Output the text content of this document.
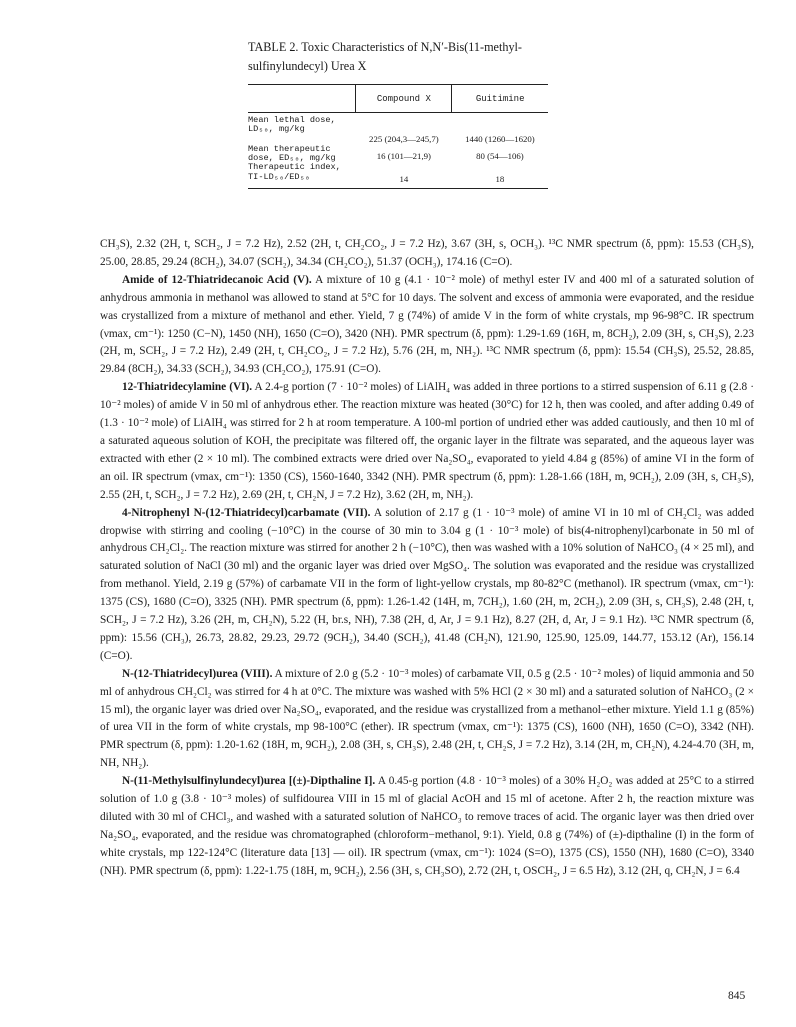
TABLE 2. Toxic Characteristics of N,N′-Bis(11-methyl-sulfinylundecyl) Urea X
	Compound X	Guitimine
Mean lethal dose,
LD₅₀, mg/kg	225 (204,3—245,7)	1440 (1260—1620)
Mean therapeutic
dose, ED₅₀, mg/kg	16 (101—21,9)	80 (54—106)
Therapeutic index,
TI-LD₅₀/ED₅₀	14	18

CH₃S), 2.32 (2H, t, SCH₂, J = 7.2 Hz), 2.52 (2H, t, CH₂CO₂, J = 7.2 Hz), 3.67 (3H, s, OCH₃). ¹³C NMR spectrum (δ, ppm): 15.53 (CH₃S), 25.00, 28.85, 29.24 (8CH₂), 34.07 (SCH₂), 34.34 (CH₂CO₂), 51.37 (OCH₃), 174.16 (C=O).

Amide of 12-Thiatridecanoic Acid (V). A mixture of 10 g (4.1 · 10⁻² mole) of methyl ester IV and 400 ml of a saturated solution of anhydrous ammonia in methanol was allowed to stand at 5°C for 10 days. The solvent and excess of ammonia were evaporated, and the residue was crystallized from a mixture of methanol and ether. Yield, 7 g (74%) of amide V in the form of white crystals, mp 96-98°C. IR spectrum (νmax, cm⁻¹): 1250 (C−N), 1450 (NH), 1650 (C=O), 3420 (NH). PMR spectrum (δ, ppm): 1.29-1.69 (16H, m, 8CH₂), 2.09 (3H, s, CH₃S), 2.23 (2H, m, SCH₂, J = 7.2 Hz), 2.49 (2H, t, CH₂CO₂, J = 7.2 Hz), 5.76 (2H, m, NH₂). ¹³C NMR spectrum (δ, ppm): 15.54 (CH₃S), 25.52, 28.85, 29.84 (8CH₂), 34.33 (SCH₂), 34.93 (CH₂CO₂), 175.91 (C=O).

12-Thiatridecylamine (VI). A 2.4-g portion (7 · 10⁻² moles) of LiAlH₄ was added in three portions to a stirred suspension of 6.11 g (2.8 · 10⁻² moles) of amide V in 50 ml of anhydrous ether. The reaction mixture was heated (30°C) for 12 h, then was cooled, and after adding 0.49 of (1.3 · 10⁻² mole) of LiAlH₄ was stirred for 2 h at room temperature. A 100-ml portion of undried ether was added cautiously, and then 10 ml of a saturated aqueous solution of KOH, the precipitate was filtered off, the organic layer in the filtrate was separated, and the aqueous layer was extracted with ether (2 × 10 ml). The combined extracts were dried over Na₂SO₄, evaporated to yield 4.84 g (85%) of amine VI in the form of an oil. IR spectrum (νmax, cm⁻¹): 1350 (CS), 1560-1640, 3342 (NH). PMR spectrum (δ, ppm): 1.28-1.66 (18H, m, 9CH₂), 2.09 (3H, s, CH₃S), 2.55 (2H, t, SCH₂, J = 7.2 Hz), 2.69 (2H, t, CH₂N, J = 7.2 Hz), 3.62 (2H, m, NH₂).

4-Nitrophenyl N-(12-Thiatridecyl)carbamate (VII). A solution of 2.17 g (1 · 10⁻³ mole) of amine VI in 10 ml of CH₂Cl₂ was added dropwise with stirring and cooling (−10°C) in the course of 30 min to 3.04 g (1 · 10⁻³ mole) of bis(4-nitrophenyl)carbonate in 50 ml of anhydrous CH₂Cl₂. The reaction mixture was stirred for another 2 h (−10°C), then was washed with a 10% solution of NaHCO₃ (4 × 25 ml), and saturated solution of NaCl (30 ml) and the organic layer was dried over MgSO₄. The solution was evaporated and the residue was crystallized from methanol. Yield, 2.19 g (57%) of carbamate VII in the form of light-yellow crystals, mp 80-82°C (methanol). IR spectrum (νmax, cm⁻¹): 1375 (CS), 1680 (C=O), 3325 (NH). PMR spectrum (δ, ppm): 1.26-1.42 (14H, m, 7CH₂), 1.60 (2H, m, 2CH₂), 2.09 (3H, s, CH₃S), 2.48 (2H, t, SCH₂, J = 7.2 Hz), 3.26 (2H, m, CH₂N), 5.22 (H, br.s, NH), 7.38 (2H, d, Ar, J = 9.1 Hz), 8.27 (2H, d, Ar, J = 9.1 Hz). ¹³C NMR spectrum (δ, ppm): 15.56 (CH₃), 26.73, 28.82, 29.23, 29.72 (9CH₂), 34.40 (SCH₂), 41.48 (CH₂N), 121.90, 125.90, 125.09, 144.77, 153.12 (Ar), 156.14 (C=O).

N-(12-Thiatridecyl)urea (VIII). A mixture of 2.0 g (5.2 · 10⁻³ moles) of carbamate VII, 0.5 g (2.5 · 10⁻² moles) of liquid ammonia and 50 ml of anhydrous CH₂Cl₂ was stirred for 4 h at 0°C. The mixture was washed with 5% HCl (2 × 30 ml) and a saturated solution of NaHCO₃ (2 × 15 ml), the organic layer was dried over Na₂SO₄, evaporated, and the residue was crystallized from a methanol−ether mixture. Yield 1.1 g (85%) of urea VII in the form of white crystals, mp 98-100°C (ether). IR spectrum (νmax, cm⁻¹): 1375 (CS), 1600 (NH), 1650 (C=O), 3342 (NH). PMR spectrum (δ, ppm): 1.20-1.62 (18H, m, 9CH₂), 2.08 (3H, s, CH₃S), 2.48 (2H, t, CH₂S, J = 7.2 Hz), 3.14 (2H, m, CH₂N), 4.24-4.70 (3H, m, NH, NH₂).

N-(11-Methylsulfinylundecyl)urea [(±)-Dipthaline I]. A 0.45-g portion (4.8 · 10⁻³ moles) of a 30% H₂O₂ was added at 25°C to a stirred solution of 1.0 g (3.8 · 10⁻³ moles) of sulfidourea VIII in 15 ml of glacial AcOH and 15 ml of acetone. After 2 h, the reaction mixture was diluted with 30 ml of CHCl₃, and washed with a saturated solution of NaHCO₃ to remove traces of acid. The organic layer was then dried over Na₂SO₄, evaporated, and the residue was chromatographed (chloroform−methanol, 9:1). Yield, 0.8 g (74%) of (±)-dipthaline (I) in the form of white crystals, mp 122-124°C (literature data [13] — oil). IR spectrum (νmax, cm⁻¹): 1024 (S=O), 1375 (CS), 1550 (NH), 1680 (C=O), 3340 (NH). PMR spectrum (δ, ppm): 1.22-1.75 (18H, m, 9CH₂), 2.56 (3H, s, CH₃SO), 2.72 (2H, t, OSCH₂, J = 6.5 Hz), 3.12 (2H, q, CH₂N, J = 6.4

845
